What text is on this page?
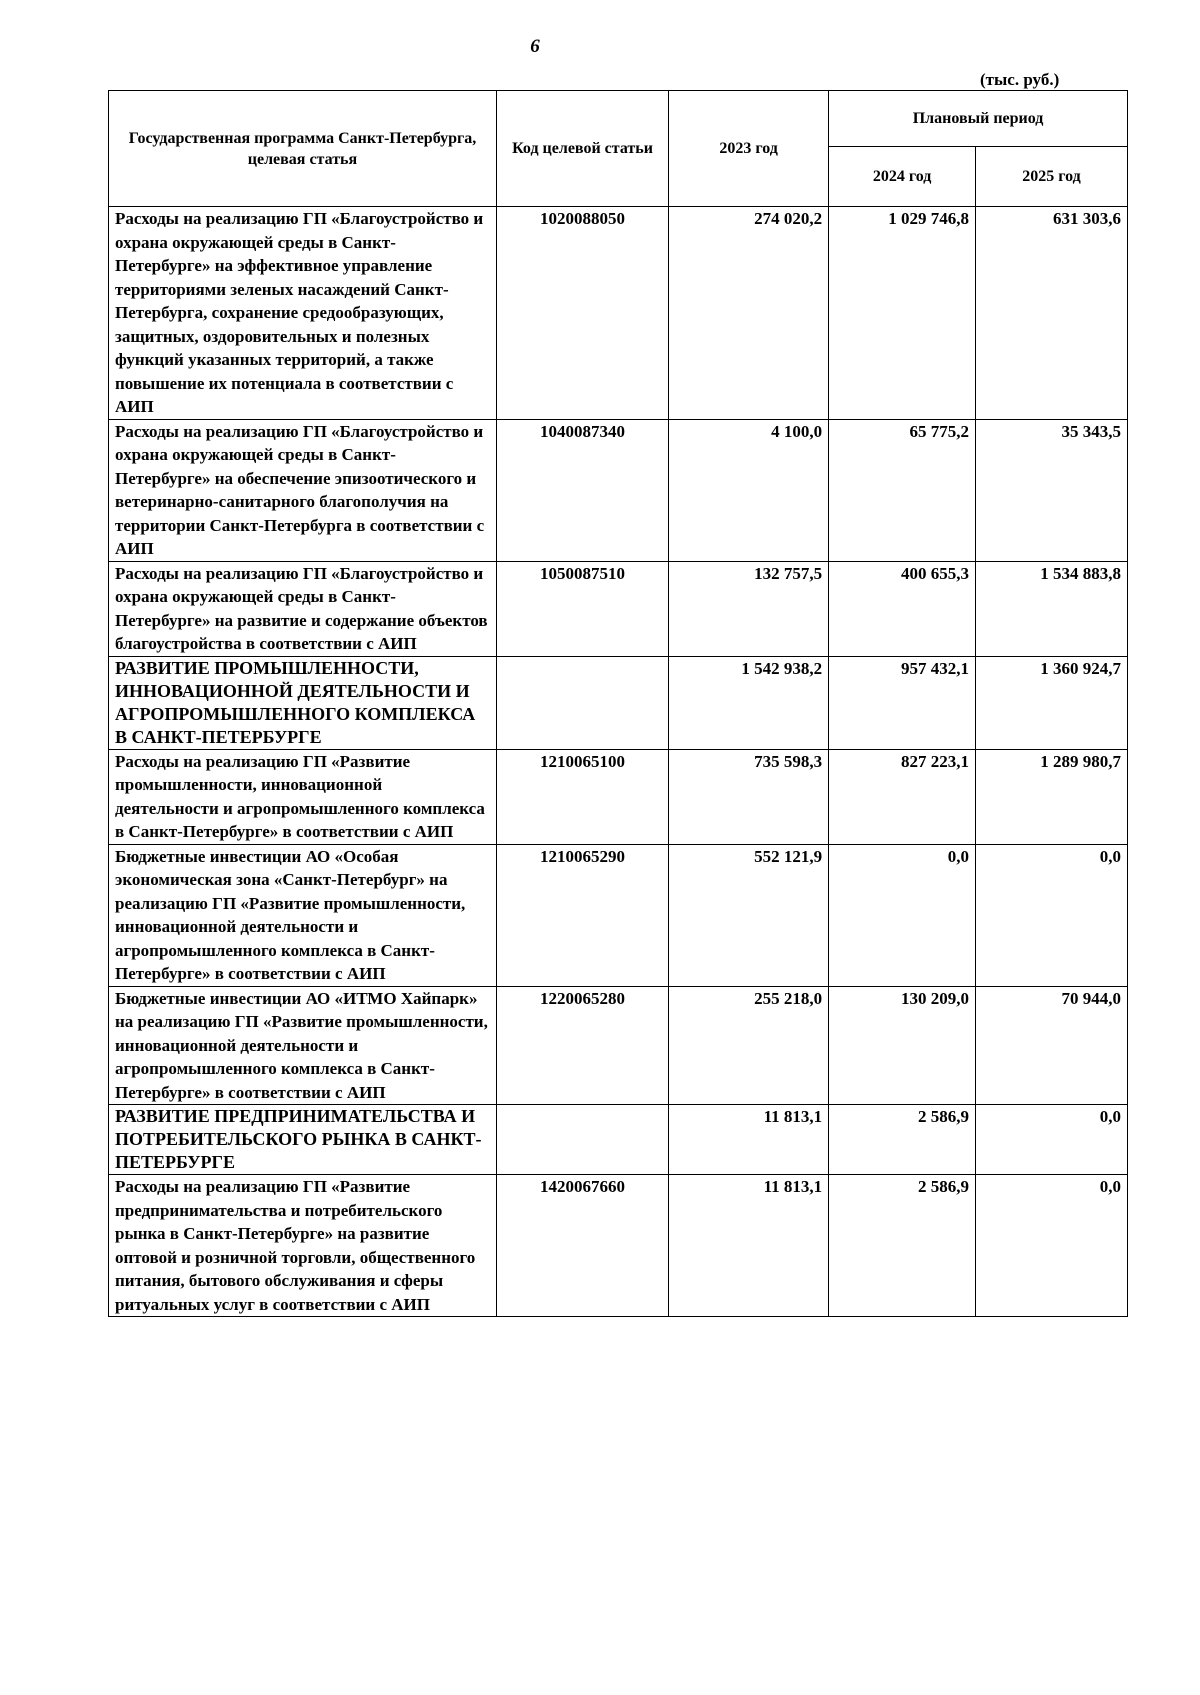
6
(тыс. руб.)
Государственная программа Санкт-Петербурга, целевая статья	Код целевой статьи	2023 год	Плановый период	
			2024 год	2025 год
Расходы на реализацию ГП «Благоустройство и охрана окружающей среды в Санкт-Петербурге» на эффективное управление территориями зеленых насаждений Санкт-Петербурга, сохранение средообразующих, защитных, оздоровительных и полезных функций указанных территорий, а также повышение их потенциала в соответствии с АИП	1020088050	274 020,2	1 029 746,8	631 303,6
Расходы на реализацию ГП «Благоустройство и охрана окружающей среды в Санкт-Петербурге» на обеспечение эпизоотического и ветеринарно-санитарного благополучия на территории Санкт-Петербурга в соответствии с АИП	1040087340	4 100,0	65 775,2	35 343,5
Расходы на реализацию ГП «Благоустройство и охрана окружающей среды в Санкт-Петербурге» на развитие и содержание объектов благоустройства в соответствии с АИП	1050087510	132 757,5	400 655,3	1 534 883,8
РАЗВИТИЕ ПРОМЫШЛЕННОСТИ, ИННОВАЦИОННОЙ ДЕЯТЕЛЬНОСТИ И АГРОПРОМЫШЛЕННОГО КОМПЛЕКСА В САНКТ-ПЕТЕРБУРГЕ		1 542 938,2	957 432,1	1 360 924,7
Расходы на реализацию ГП «Развитие промышленности, инновационной деятельности и агропромышленного комплекса в Санкт-Петербурге» в соответствии с АИП	1210065100	735 598,3	827 223,1	1 289 980,7
Бюджетные инвестиции АО «Особая экономическая зона «Санкт-Петербург» на реализацию ГП «Развитие промышленности, инновационной деятельности и агропромышленного комплекса в Санкт-Петербурге» в соответствии с АИП	1210065290	552 121,9	0,0	0,0
Бюджетные инвестиции АО «ИТМО Хайпарк» на реализацию ГП «Развитие промышленности, инновационной деятельности и агропромышленного комплекса в Санкт-Петербурге» в соответствии с АИП	1220065280	255 218,0	130 209,0	70 944,0
РАЗВИТИЕ ПРЕДПРИНИМАТЕЛЬСТВА И ПОТРЕБИТЕЛЬСКОГО РЫНКА В САНКТ-ПЕТЕРБУРГЕ		11 813,1	2 586,9	0,0
Расходы на реализацию ГП «Развитие предпринимательства и потребительского рынка в Санкт-Петербурге» на развитие оптовой и розничной торговли, общественного питания, бытового обслуживания и сферы ритуальных услуг в соответствии с АИП	1420067660	11 813,1	2 586,9	0,0
